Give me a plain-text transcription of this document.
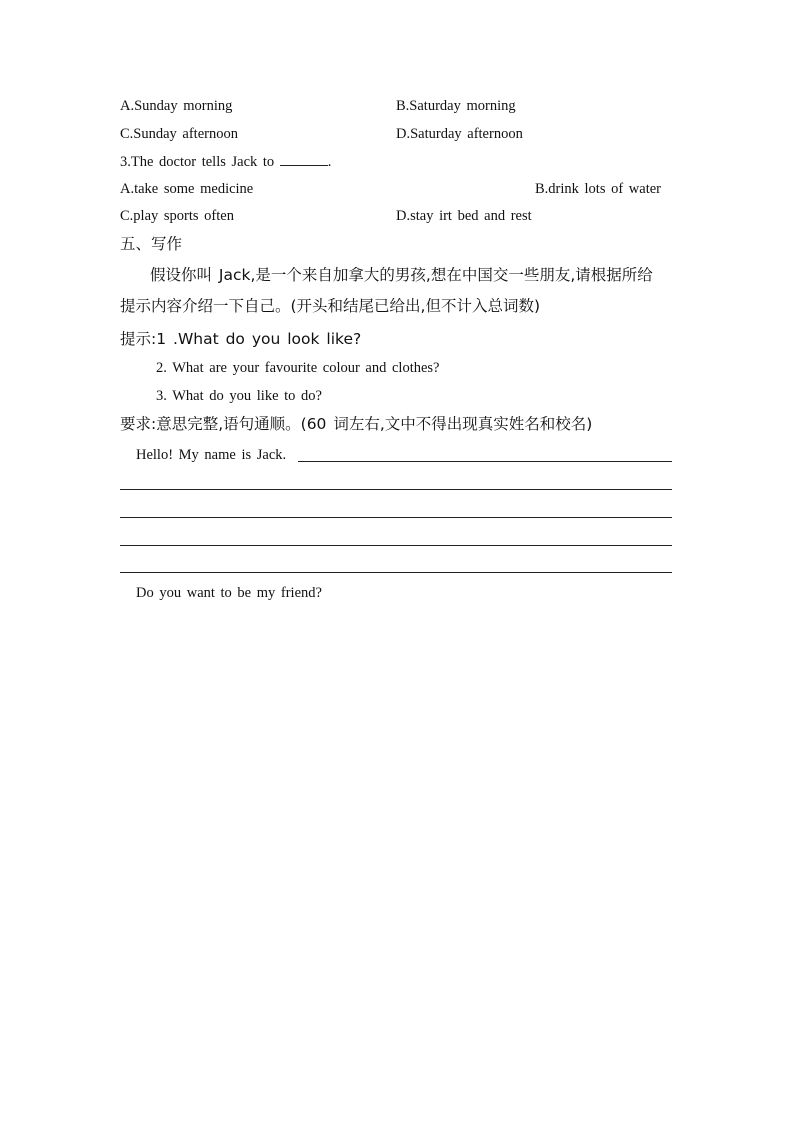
A.Sunday morning	B.Saturday morning
C.Sunday afternoon	D.Saturday afternoon
3.The doctor tells Jack to	.
A.take some medicine	B.drink lots of water
C.play sports often	D.stay irt bed and rest
五、写作
假设你叫 Jack,是一个来自加拿大的男孩,想在中国交一些朋友,请根据所给
提示内容介绍一下自己。(开头和结尾已给出,但不计入总词数)
提示:1 .What do you look like?
2. What are your favourite colour and clothes?
3. What do you like to do?
要求:意思完整,语句通顺。(60 词左右,文中不得出现真实姓名和校名)
Hello! My name is Jack.
Do you want to be my friend?
